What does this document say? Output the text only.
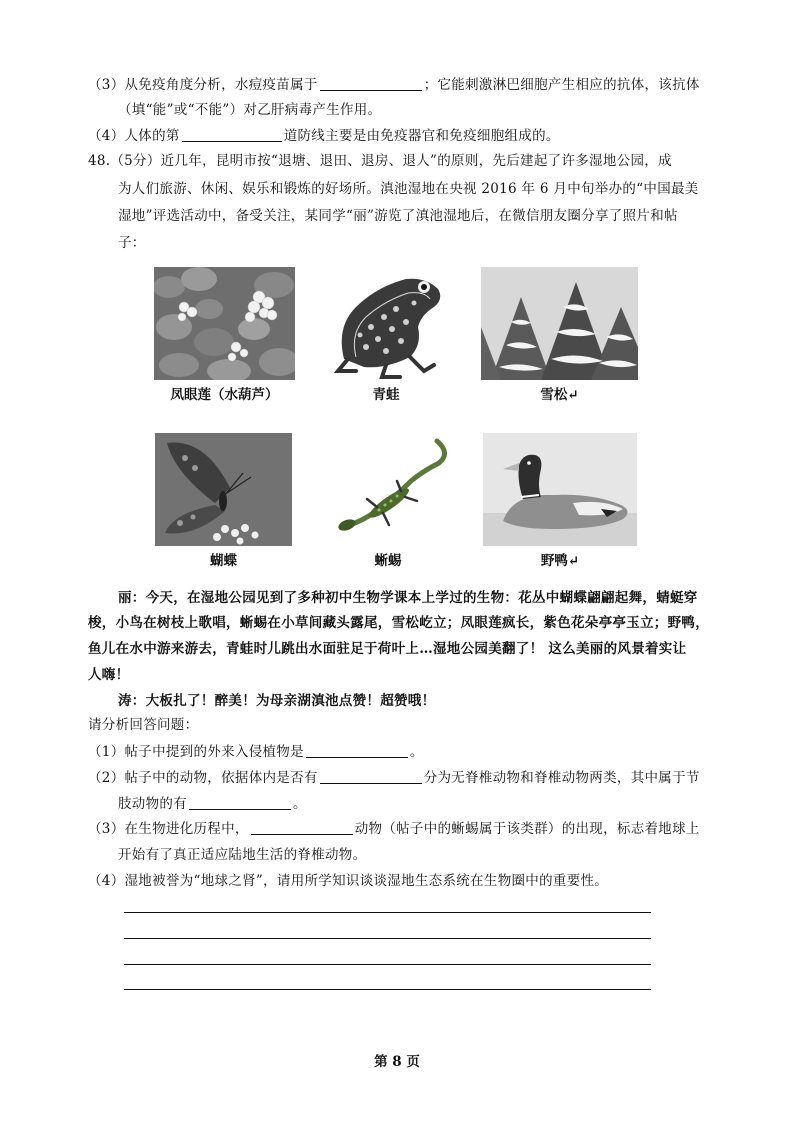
（3）从免疫角度分析，水痘疫苗属于	；它能刺激淋巴细胞产生相应的抗体，该抗体
（填“能”或“不能”）对乙肝病毒产生作用。
（4）人体的第	道防线主要是由免疫器官和免疫细胞组成的。
48.（5分）近几年，昆明市按“退塘、退田、退房、退人”的原则，先后建起了许多湿地公园，成
为人们旅游、休闲、娱乐和锻炼的好场所。滇池湿地在央视 2016 年 6 月中旬举办的“中国最美
湿地”评选活动中，备受关注，某同学“丽”游览了滇池湿地后，在微信朋友圈分享了照片和帖
子：
凤眼莲（水葫芦）	青蛙	雪松↵
蝴蝶	蜥蜴	野鸭↵
丽：今天，在湿地公园见到了多种初中生物学课本上学过的生物：花丛中蝴蝶翩翩起舞，蜻蜓穿
梭，小鸟在树枝上歌唱，蜥蜴在小草间藏头露尾，雪松屹立；凤眼莲疯长，紫色花朵亭亭玉立；野鸭，
鱼儿在水中游来游去，青蛙时儿跳出水面驻足于荷叶上…湿地公园美翻了！ 这么美丽的风景着实让
人嗨！
涛：大板扎了！醉美！为母亲湖滇池点赞！超赞哦！
请分析回答问题：
（1）帖子中提到的外来入侵植物是	。
（2）帖子中的动物，依据体内是否有	分为无脊椎动物和脊椎动物两类，其中属于节
肢动物的有	。
（3）在生物进化历程中，	动物（帖子中的蜥蜴属于该类群）的出现，标志着地球上
开始有了真正适应陆地生活的脊椎动物。
（4）湿地被誉为“地球之肾”，请用所学知识谈谈湿地生态系统在生物圈中的重要性。
第 8 页
